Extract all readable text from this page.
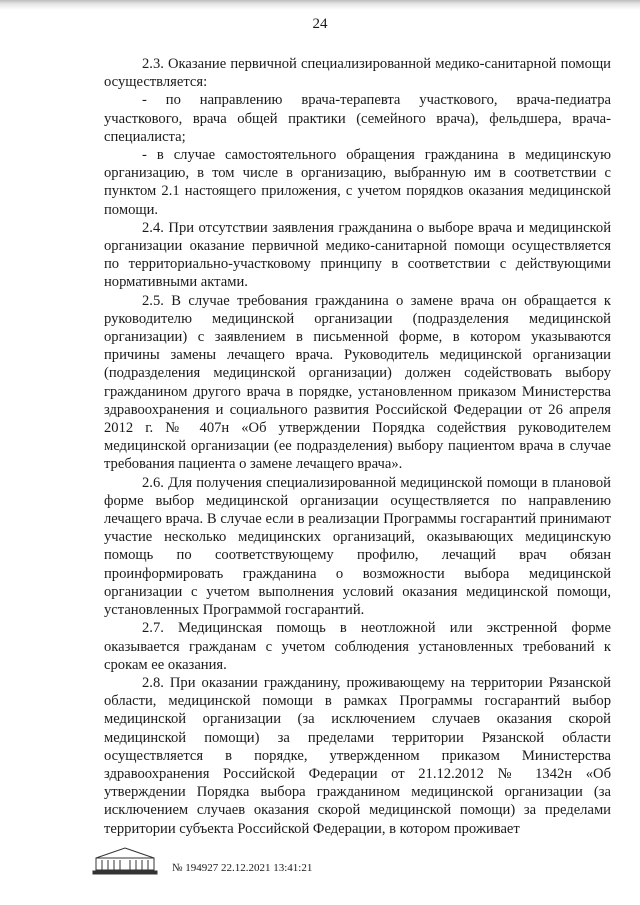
24

2.3. Оказание первичной специализированной медико-санитарной помощи осуществляется:

- по направлению врача-терапевта участкового, врача-педиатра участкового, врача общей практики (семейного врача), фельдшера, врача-специалиста;

- в случае самостоятельного обращения гражданина в медицинскую организацию, в том числе в организацию, выбранную им в соответствии с пунктом 2.1 настоящего приложения, с учетом порядков оказания медицинской помощи.

2.4. При отсутствии заявления гражданина о выборе врача и медицинской организации оказание первичной медико-санитарной помощи осуществляется по территориально-участковому принципу в соответствии с действующими нормативными актами.

2.5. В случае требования гражданина о замене врача он обращается к руководителю медицинской организации (подразделения медицинской организации) с заявлением в письменной форме, в котором указываются причины замены лечащего врача. Руководитель медицинской организации (подразделения медицинской организации) должен содействовать выбору гражданином другого врача в порядке, установленном приказом Министерства здравоохранения и социального развития Российской Федерации от 26 апреля 2012 г. № 407н «Об утверждении Порядка содействия руководителем медицинской организации (ее подразделения) выбору пациентом врача в случае требования пациента о замене лечащего врача».

2.6. Для получения специализированной медицинской помощи в плановой форме выбор медицинской организации осуществляется по направлению лечащего врача. В случае если в реализации Программы госгарантий принимают участие несколько медицинских организаций, оказывающих медицинскую помощь по соответствующему профилю, лечащий врач обязан проинформировать гражданина о возможности выбора медицинской организации с учетом выполнения условий оказания медицинской помощи, установленных Программой госгарантий.

2.7. Медицинская помощь в неотложной или экстренной форме оказывается гражданам с учетом соблюдения установленных требований к срокам ее оказания.

2.8. При оказании гражданину, проживающему на территории Рязанской области, медицинской помощи в рамках Программы госгарантий выбор медицинской организации (за исключением случаев оказания скорой медицинской помощи) за пределами территории Рязанской области осуществляется в порядке, утвержденном приказом Министерства здравоохранения Российской Федерации от 21.12.2012 № 1342н «Об утверждении Порядка выбора гражданином медицинской организации (за исключением случаев оказания скорой медицинской помощи) за пределами территории субъекта Российской Федерации, в котором проживает

№ 194927 22.12.2021 13:41:21
